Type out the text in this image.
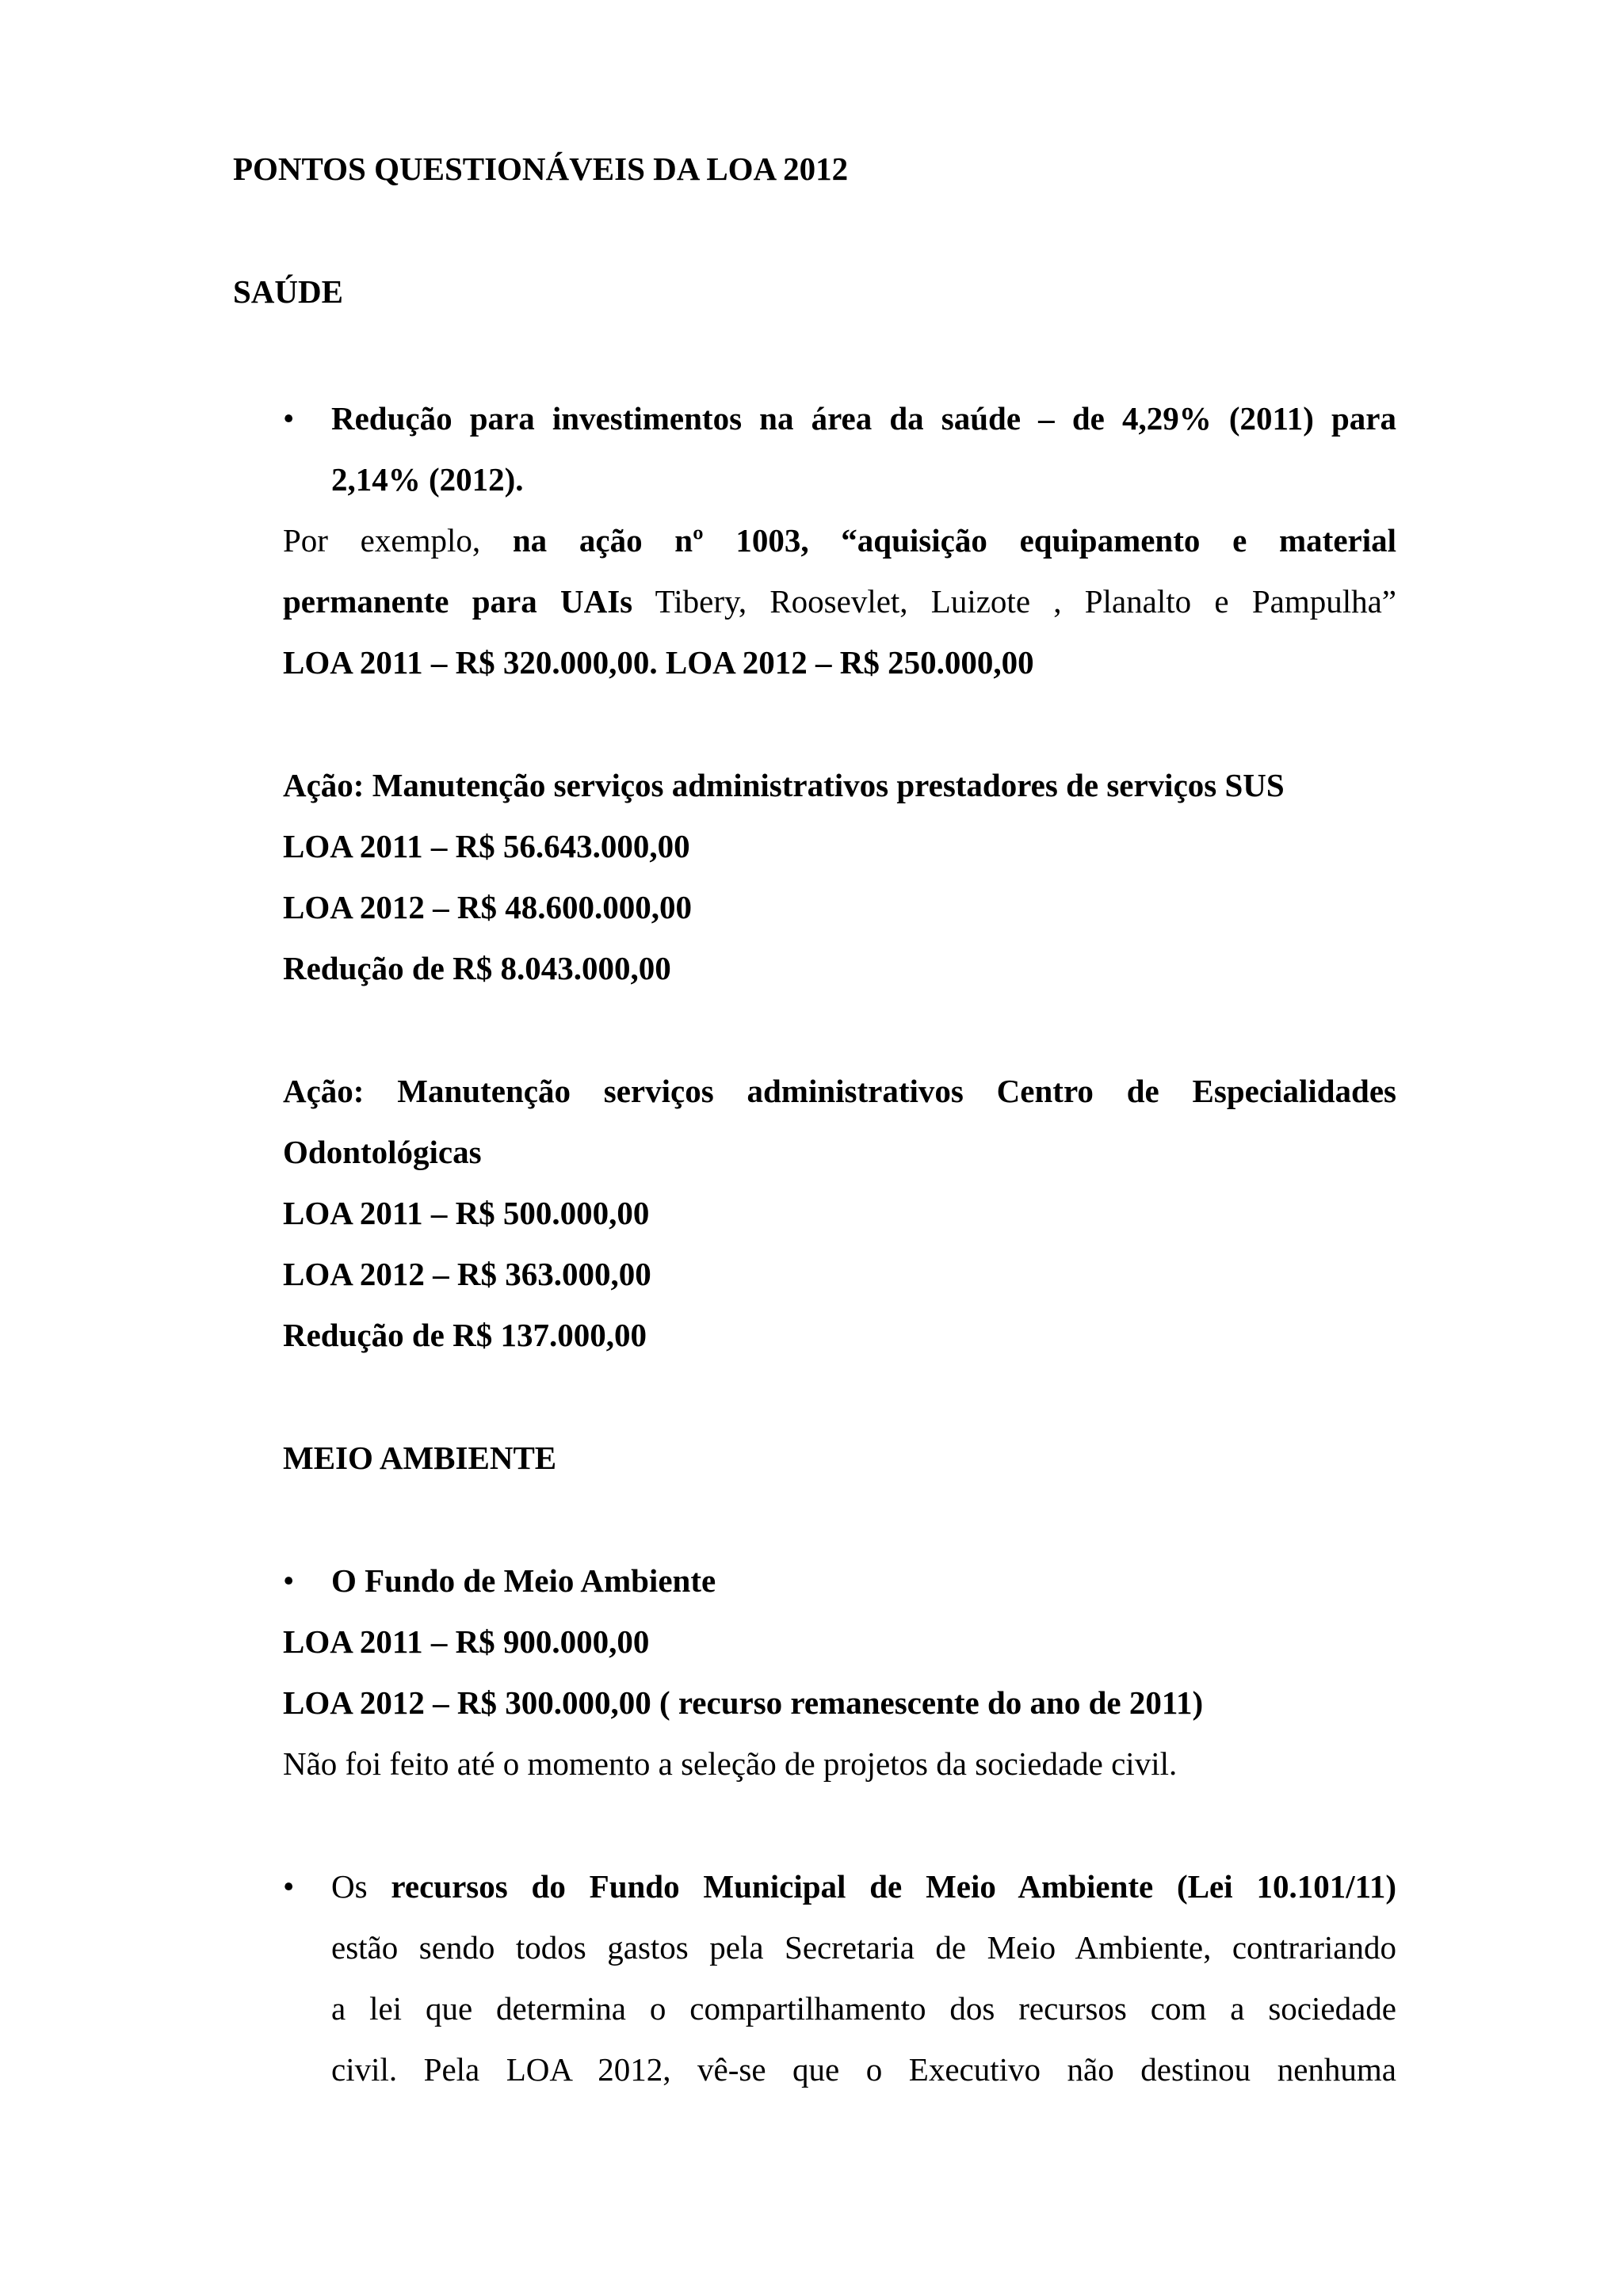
PONTOS QUESTIONÁVEIS DA LOA 2012
SAÚDE
•	Redução para investimentos na área da saúde – de 4,29% (2011) para
2,14% (2012).
Por exemplo, na ação nº 1003, “aquisição equipamento e material
permanente para UAIs Tibery, Roosevlet, Luizote , Planalto e Pampulha”
LOA 2011 – R$ 320.000,00. LOA 2012 – R$ 250.000,00
Ação: Manutenção serviços administrativos prestadores de serviços SUS
LOA 2011 – R$ 56.643.000,00
LOA 2012 – R$ 48.600.000,00
Redução de R$ 8.043.000,00
Ação: Manutenção serviços administrativos Centro de Especialidades
Odontológicas
LOA 2011 – R$ 500.000,00
LOA 2012 – R$ 363.000,00
Redução de R$ 137.000,00
MEIO AMBIENTE
•	O Fundo de Meio Ambiente
LOA 2011 – R$ 900.000,00
LOA 2012 – R$ 300.000,00 ( recurso remanescente do ano de 2011)
Não foi feito até o momento a seleção de projetos da sociedade civil.
•	Os recursos do Fundo Municipal de Meio Ambiente (Lei 10.101/11)
estão sendo todos gastos pela Secretaria de Meio Ambiente, contrariando
a lei que determina o compartilhamento dos recursos com a sociedade
civil. Pela LOA 2012, vê-se que o Executivo não destinou nenhuma
